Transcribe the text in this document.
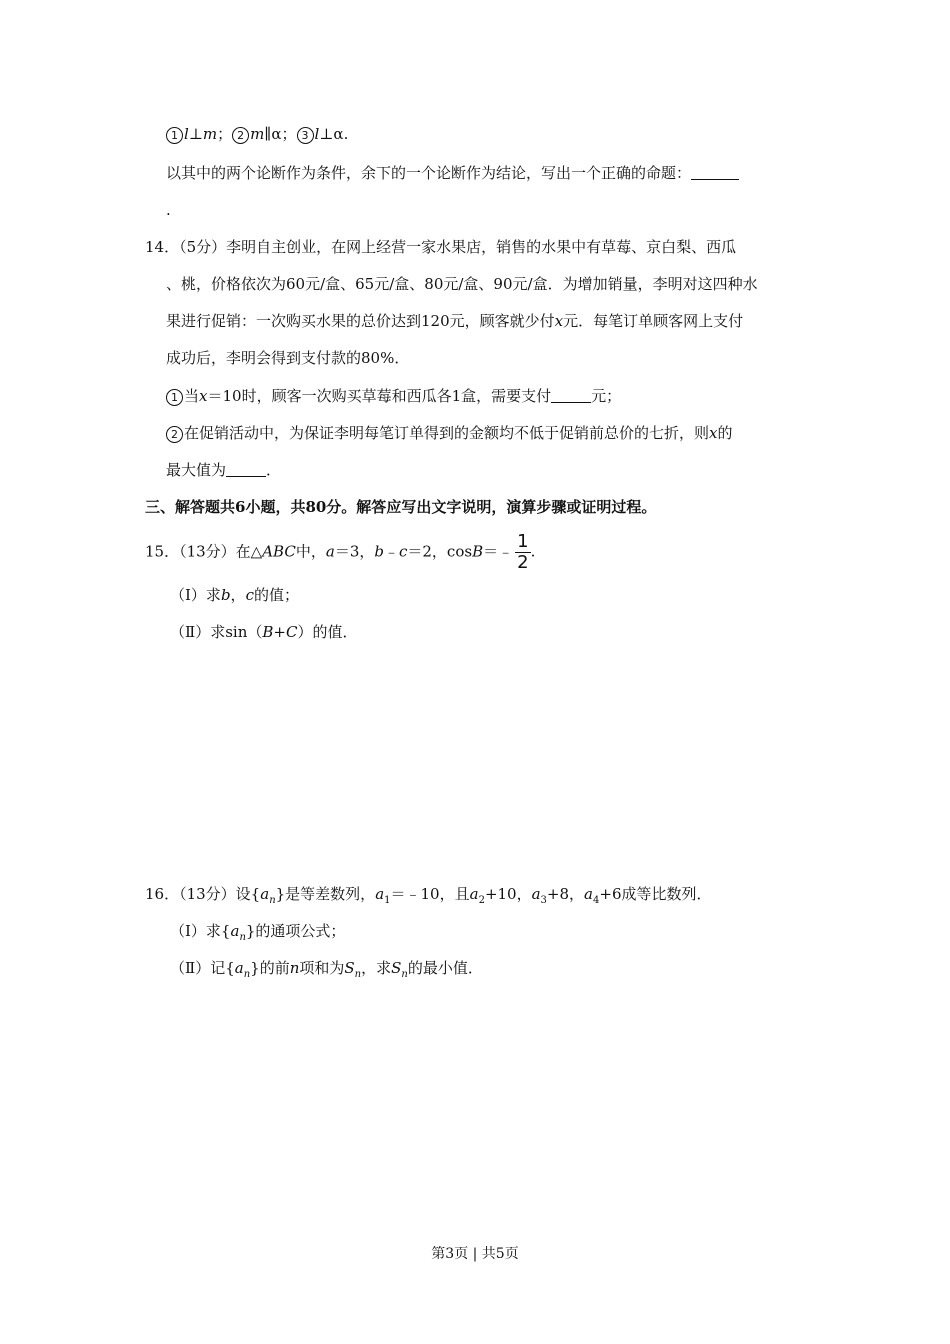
1 l⊥m； 2 m∥α； 3 l⊥α.
以其中的两个论断作为条件，余下的一个论断作为结论，写出一个正确的命题：
.
14．（5分）李明自主创业，在网上经营一家水果店，销售的水果中有草莓、京白梨、西瓜
、桃，价格依次为60元/盒、65元/盒、80元/盒、90元/盒．为增加销量，李明对这四种水
果进行促销：一次购买水果的总价达到120元，顾客就少付x元．每笔订单顾客网上支付
成功后，李明会得到支付款的80%．
1 当x＝10时，顾客一次购买草莓和西瓜各1盒，需要支付	元；
2 在促销活动中，为保证李明每笔订单得到的金额均不低于促销前总价的七折，则x的
最大值为	．
三、解答题共6小题，共80分。解答应写出文字说明，演算步骤或证明过程。
15．（13分）在△ABC中，a＝3，b﹣c＝2，cosB＝﹣ $\frac{1}{2}$ .
（Ⅰ）求b，c的值；
（Ⅱ）求sin（B+C）的值．
16．（13分）设$\{a_n\}$是等差数列，$a_1=﹣10$，且$a_2+10$，$a_3+8$，$a_4+6$成等比数列．
（Ⅰ）求$\{a_n\}$的通项公式；
（Ⅱ）记$\{a_n\}$的前n项和为$S_n$，求$S_n$的最小值．
第3页 | 共5页
